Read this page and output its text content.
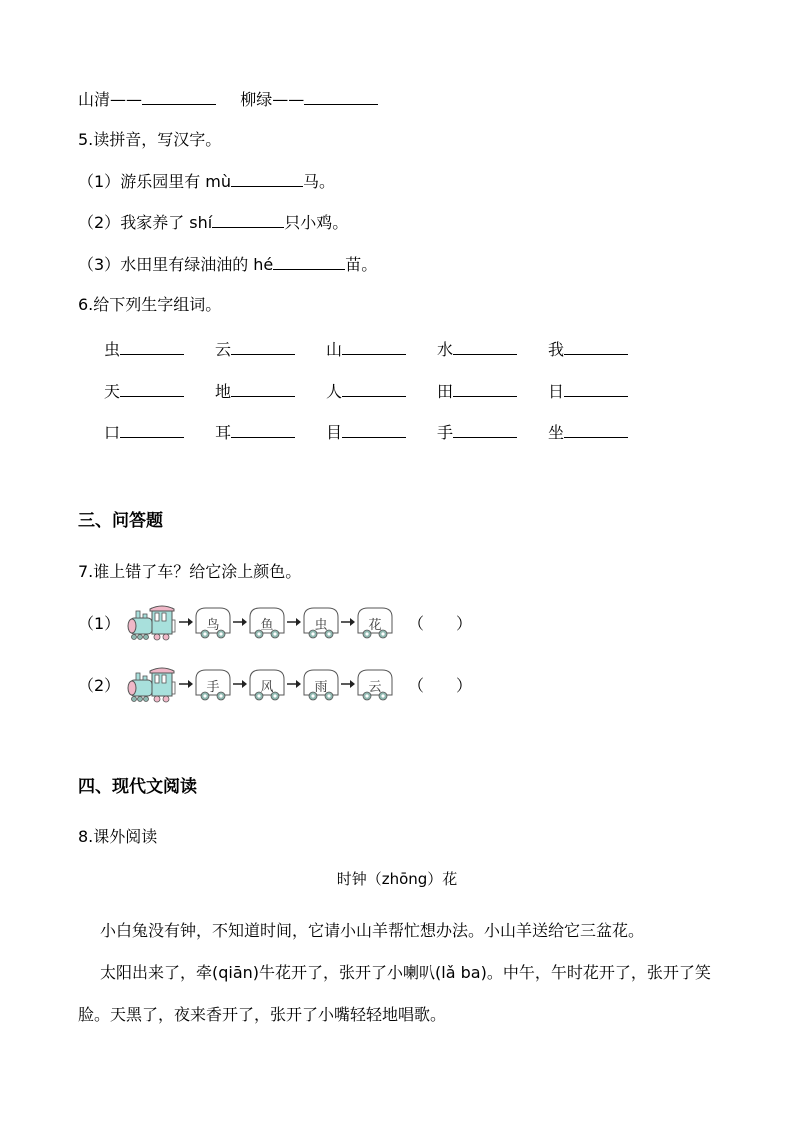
山清——	柳绿——
5.读拼音，写汉字。
（1）游乐园里有 mù	马。
（2）我家养了 shí	只小鸡。
（3）水田里有绿油油的 hé	苗。
6.给下列生字组词。
虫	云	山	水	我
天	地	人	田	日
口	耳	目	手	坐
三、问答题
7.谁上错了车？给它涂上颜色。
（1）	鸟	鱼	虫	花	（　　）
（2）	手	风	雨	云	（　　）
四、现代文阅读
8.课外阅读
时钟（zhōng）花
小白兔没有钟，不知道时间，它请小山羊帮忙想办法。小山羊送给它三盆花。
太阳出来了，牵(qiān)牛花开了，张开了小喇叭(lǎ ba)。中午，午时花开了，张开了笑脸。天黑了，夜来香开了，张开了小嘴轻轻地唱歌。
